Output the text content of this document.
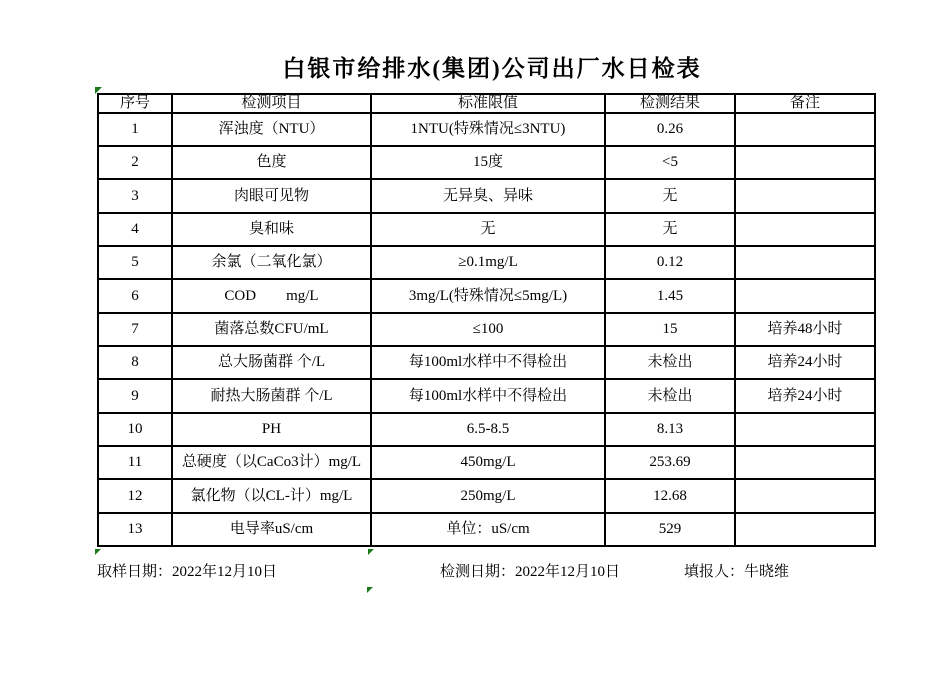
白银市给排水(集团)公司出厂水日检表
序号	检测项目	标准限值	检测结果	备注
1	浑浊度（NTU）	1NTU(特殊情况≤3NTU)	0.26	
2	色度	15度	<5	
3	肉眼可见物	无异臭、异味	无	
4	臭和味	无	无	
5	余氯（二氧化氯）	≥0.1mg/L	0.12	
6	COD        mg/L	3mg/L(特殊情况≤5mg/L)	1.45	
7	菌落总数CFU/mL	≤100	15	培养48小时
8	总大肠菌群 个/L	每100ml水样中不得检出	未检出	培养24小时
9	耐热大肠菌群 个/L	每100ml水样中不得检出	未检出	培养24小时
10	PH	6.5-8.5	8.13	
11	总硬度（以CaCo3计）mg/L	450mg/L	253.69	
12	氯化物（以CL-计）mg/L	250mg/L	12.68	
13	电导率uS/cm	单位：uS/cm	529	
取样日期：2022年12月10日	检测日期：2022年12月10日	填报人：牛晓维
